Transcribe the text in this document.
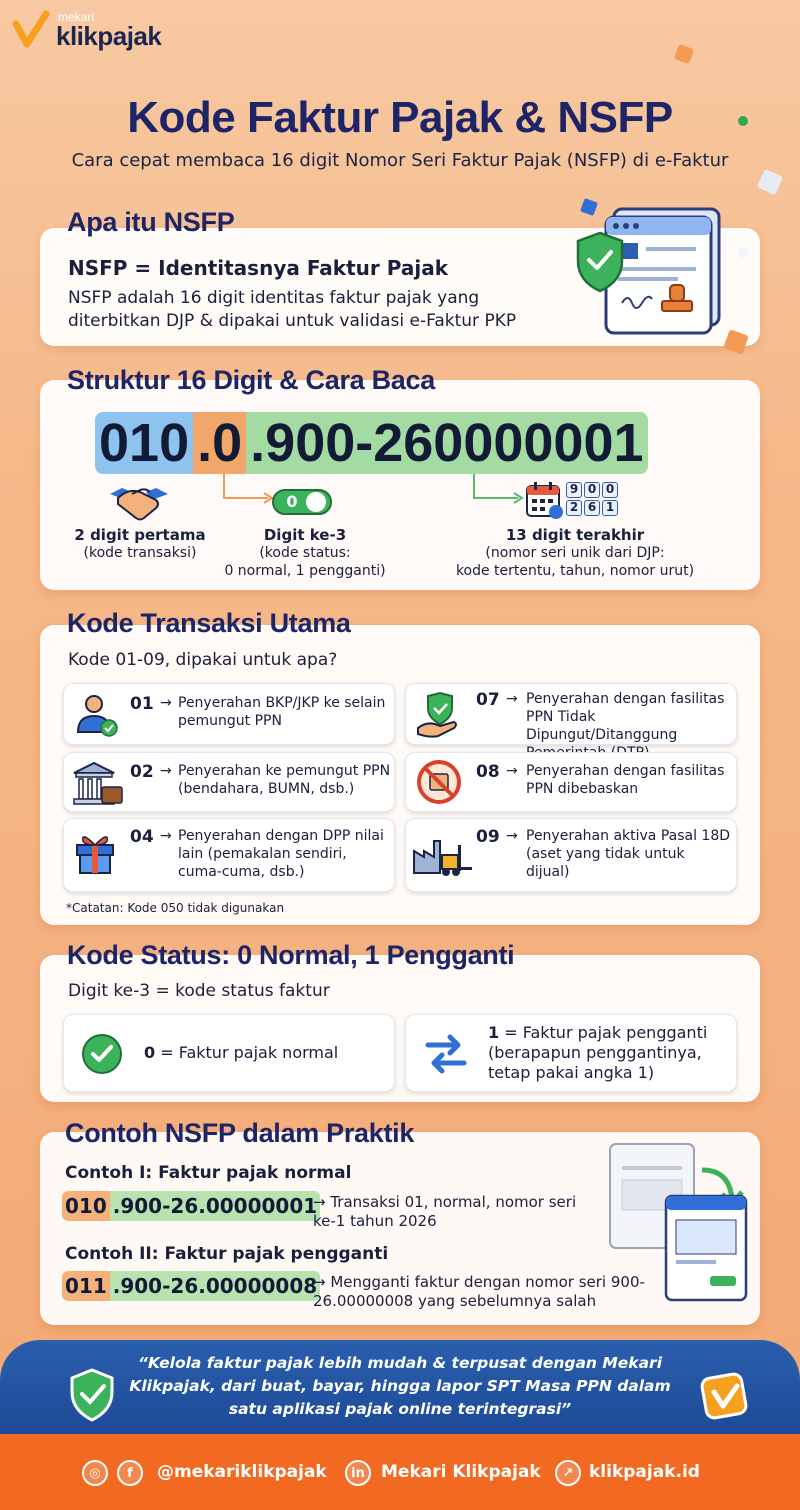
mekari
klikpajak
Kode Faktur Pajak & NSFP
Cara cepat membaca 16 digit Nomor Seri Faktur Pajak (NSFP) di e-Faktur
Apa itu NSFP
NSFP = Identitasnya Faktur Pajak
NSFP adalah 16 digit identitas faktur pajak yang diterbitkan DJP & dipakai untuk validasi e-Faktur PKP
Struktur 16 Digit & Cara Baca
010 .0 .900-260000001
0
9 0 0
2 6 1
2 digit pertama
(kode transaksi)
Digit ke-3
(kode status:
0 normal, 1 pengganti)
13 digit terakhir
(nomor seri unik dari DJP:
kode tertentu, tahun, nomor urut)
Kode Transaksi Utama
Kode 01-09, dipakai untuk apa?
01 → Penyerahan BKP/JKP ke selain pemungut PPN
07 → Penyerahan dengan fasilitas PPN Tidak Dipungut/Ditanggung
02 → Penyerahan ke pemungut PPN (bendahara, BUMN, dsb.)
08 → Penyerahan dengan fasilitas PPN dibebaskan
04 → Penyerahan dengan DPP nilai lain (pemakalan sendiri, cuma-cuma, dsb.)
09 → Penyerahan aktiva Pasal 18D (aset yang tidak untuk dijual)
*Catatan: Kode 050 tidak digunakan
Kode Status: 0 Normal, 1 Pengganti
Digit ke-3 = kode status faktur
0 = Faktur pajak normal
1 = Faktur pajak pengganti (berapapun penggantinya, tetap pakai angka 1)
Contoh NSFP dalam Praktik
Contoh I: Faktur pajak normal
010 .900-26.00000001
→ Transaksi 01, normal, nomor seri ke-1 tahun 2026
Contoh II: Faktur pajak pengganti
011 .900-26.00000008
→ Mengganti faktur dengan nomor seri 900-26.00000008 yang sebelumnya salah
“Kelola faktur pajak lebih mudah & terpusat dengan Mekari Klikpajak, dari buat, bayar, hingga lapor SPT Masa PPN dalam satu aplikasi pajak online terintegrasi”
◎	f	@mekariklikpajak	in Mekari Klikpajak	↗ klikpajak.id
